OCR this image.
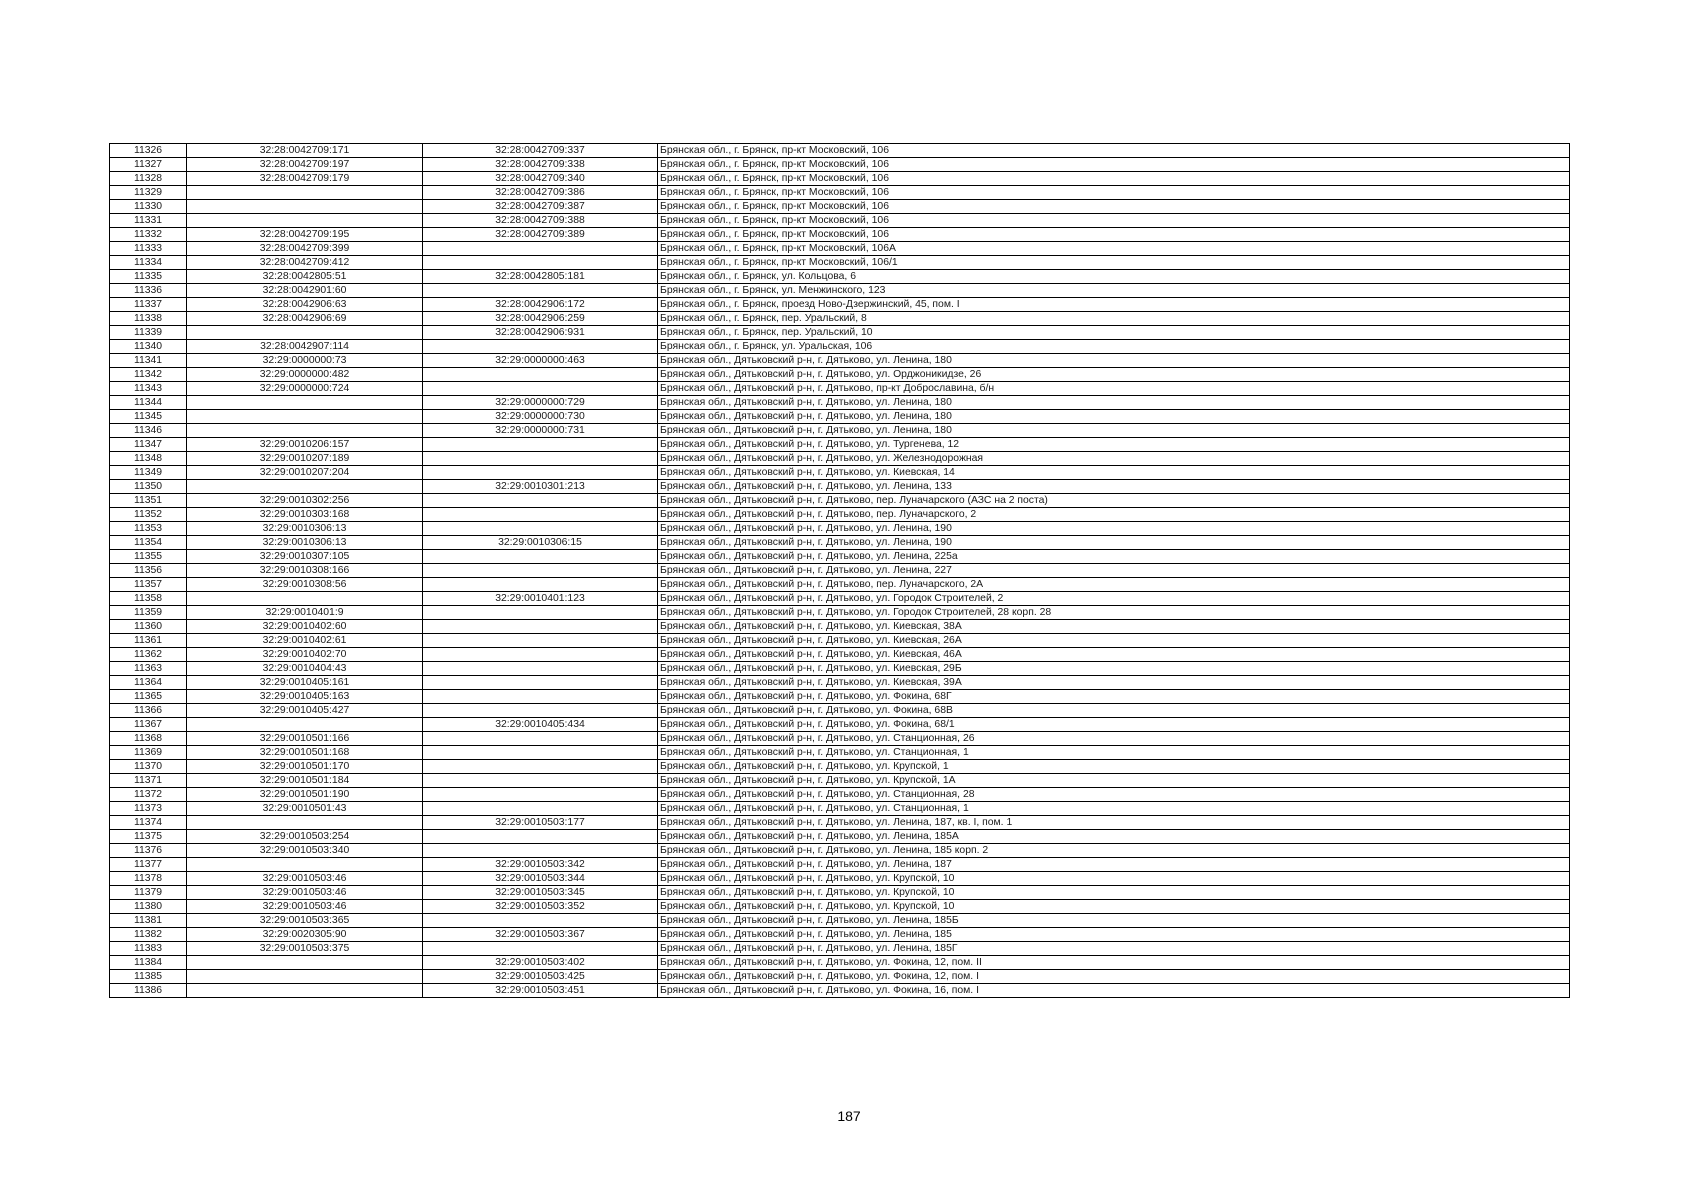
11326	32:28:0042709:171	32:28:0042709:337	Брянская обл., г. Брянск, пр-кт Московский, 106
11327	32:28:0042709:197	32:28:0042709:338	Брянская обл., г. Брянск, пр-кт Московский, 106
11328	32:28:0042709:179	32:28:0042709:340	Брянская обл., г. Брянск, пр-кт Московский, 106
11329		32:28:0042709:386	Брянская обл., г. Брянск, пр-кт Московский, 106
11330		32:28:0042709:387	Брянская обл., г. Брянск, пр-кт Московский, 106
11331		32:28:0042709:388	Брянская обл., г. Брянск, пр-кт Московский, 106
11332	32:28:0042709:195	32:28:0042709:389	Брянская обл., г. Брянск, пр-кт Московский, 106
11333	32:28:0042709:399		Брянская обл., г. Брянск, пр-кт Московский, 106А
11334	32:28:0042709:412		Брянская обл., г. Брянск, пр-кт Московский, 106/1
11335	32:28:0042805:51	32:28:0042805:181	Брянская обл., г. Брянск, ул. Кольцова, 6
11336	32:28:0042901:60		Брянская обл., г. Брянск, ул. Менжинского, 123
11337	32:28:0042906:63	32:28:0042906:172	Брянская обл., г. Брянск, проезд Ново-Дзержинский, 45, пом. I
11338	32:28:0042906:69	32:28:0042906:259	Брянская обл., г. Брянск, пер. Уральский, 8
11339		32:28:0042906:931	Брянская обл., г. Брянск, пер. Уральский, 10
11340	32:28:0042907:114		Брянская обл., г. Брянск, ул. Уральская, 106
11341	32:29:0000000:73	32:29:0000000:463	Брянская обл., Дятьковский р-н, г. Дятьково, ул. Ленина, 180
11342	32:29:0000000:482		Брянская обл., Дятьковский р-н, г. Дятьково, ул. Орджоникидзе, 26
11343	32:29:0000000:724		Брянская обл., Дятьковский р-н, г. Дятьково, пр-кт Доброславина, б/н
11344		32:29:0000000:729	Брянская обл., Дятьковский р-н, г. Дятьково, ул. Ленина, 180
11345		32:29:0000000:730	Брянская обл., Дятьковский р-н, г. Дятьково, ул. Ленина, 180
11346		32:29:0000000:731	Брянская обл., Дятьковский р-н, г. Дятьково, ул. Ленина, 180
11347	32:29:0010206:157		Брянская обл., Дятьковский р-н, г. Дятьково, ул. Тургенева, 12
11348	32:29:0010207:189		Брянская обл., Дятьковский р-н, г. Дятьково, ул. Железнодорожная
11349	32:29:0010207:204		Брянская обл., Дятьковский р-н, г. Дятьково, ул. Киевская, 14
11350		32:29:0010301:213	Брянская обл., Дятьковский р-н, г. Дятьково, ул. Ленина, 133
11351	32:29:0010302:256		Брянская обл., Дятьковский р-н, г. Дятьково, пер. Луначарского (АЗС на 2 поста)
11352	32:29:0010303:168		Брянская обл., Дятьковский р-н, г. Дятьково, пер. Луначарского, 2
11353	32:29:0010306:13		Брянская обл., Дятьковский р-н, г. Дятьково, ул. Ленина, 190
11354	32:29:0010306:13	32:29:0010306:15	Брянская обл., Дятьковский р-н, г. Дятьково, ул. Ленина, 190
11355	32:29:0010307:105		Брянская обл., Дятьковский р-н, г. Дятьково, ул. Ленина, 225а
11356	32:29:0010308:166		Брянская обл., Дятьковский р-н, г. Дятьково, ул. Ленина, 227
11357	32:29:0010308:56		Брянская обл., Дятьковский р-н, г. Дятьково, пер. Луначарского, 2А
11358		32:29:0010401:123	Брянская обл., Дятьковский р-н, г. Дятьково, ул. Городок Строителей, 2
11359	32:29:0010401:9		Брянская обл., Дятьковский р-н, г. Дятьково, ул. Городок Строителей, 28 корп. 28
11360	32:29:0010402:60		Брянская обл., Дятьковский р-н, г. Дятьково, ул. Киевская, 38А
11361	32:29:0010402:61		Брянская обл., Дятьковский р-н, г. Дятьково, ул. Киевская, 26А
11362	32:29:0010402:70		Брянская обл., Дятьковский р-н, г. Дятьково, ул. Киевская, 46А
11363	32:29:0010404:43		Брянская обл., Дятьковский р-н, г. Дятьково, ул. Киевская, 29Б
11364	32:29:0010405:161		Брянская обл., Дятьковский р-н, г. Дятьково, ул. Киевская, 39А
11365	32:29:0010405:163		Брянская обл., Дятьковский р-н, г. Дятьково, ул. Фокина, 68Г
11366	32:29:0010405:427		Брянская обл., Дятьковский р-н, г. Дятьково, ул. Фокина, 68В
11367		32:29:0010405:434	Брянская обл., Дятьковский р-н, г. Дятьково, ул. Фокина, 68/1
11368	32:29:0010501:166		Брянская обл., Дятьковский р-н, г. Дятьково, ул. Станционная, 26
11369	32:29:0010501:168		Брянская обл., Дятьковский р-н, г. Дятьково, ул. Станционная, 1
11370	32:29:0010501:170		Брянская обл., Дятьковский р-н, г. Дятьково, ул. Крупской, 1
11371	32:29:0010501:184		Брянская обл., Дятьковский р-н, г. Дятьково, ул. Крупской, 1А
11372	32:29:0010501:190		Брянская обл., Дятьковский р-н, г. Дятьково, ул. Станционная, 28
11373	32:29:0010501:43		Брянская обл., Дятьковский р-н, г. Дятьково, ул. Станционная, 1
11374		32:29:0010503:177	Брянская обл., Дятьковский р-н, г. Дятьково, ул. Ленина, 187, кв. I, пом. 1
11375	32:29:0010503:254		Брянская обл., Дятьковский р-н, г. Дятьково, ул. Ленина, 185А
11376	32:29:0010503:340		Брянская обл., Дятьковский р-н, г. Дятьково, ул. Ленина, 185 корп. 2
11377		32:29:0010503:342	Брянская обл., Дятьковский р-н, г. Дятьково, ул. Ленина, 187
11378	32:29:0010503:46	32:29:0010503:344	Брянская обл., Дятьковский р-н, г. Дятьково, ул. Крупской, 10
11379	32:29:0010503:46	32:29:0010503:345	Брянская обл., Дятьковский р-н, г. Дятьково, ул. Крупской, 10
11380	32:29:0010503:46	32:29:0010503:352	Брянская обл., Дятьковский р-н, г. Дятьково, ул. Крупской, 10
11381	32:29:0010503:365		Брянская обл., Дятьковский р-н, г. Дятьково, ул. Ленина, 185Б
11382	32:29:0020305:90	32:29:0010503:367	Брянская обл., Дятьковский р-н, г. Дятьково, ул. Ленина, 185
11383	32:29:0010503:375		Брянская обл., Дятьковский р-н, г. Дятьково, ул. Ленина, 185Г
11384		32:29:0010503:402	Брянская обл., Дятьковский р-н, г. Дятьково, ул. Фокина, 12, пом. II
11385		32:29:0010503:425	Брянская обл., Дятьковский р-н, г. Дятьково, ул. Фокина, 12, пом. I
11386		32:29:0010503:451	Брянская обл., Дятьковский р-н, г. Дятьково, ул. Фокина, 16, пом. I
187
